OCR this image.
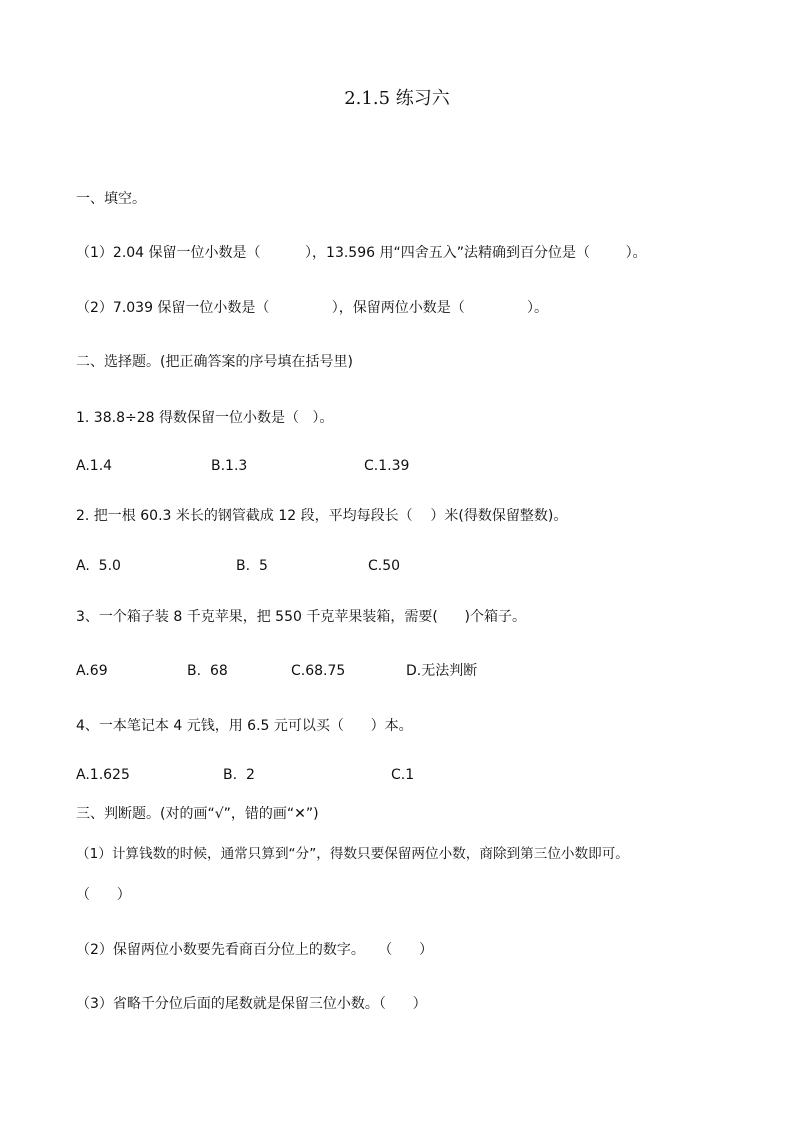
2.1.5 练习六
一、填空。
（1）2.04 保留一位小数是（          ），13.596 用“四舍五入”法精确到百分位是（        ）。
（2）7.039 保留一位小数是（              ），保留两位小数是（              ）。
二、选择题。(把正确答案的序号填在括号里)
1. 38.8÷28 得数保留一位小数是（   ）。
A.1.4	B.1.3	C.1.39
2. 把一根 60.3 米长的钢管截成 12 段，平均每段长（    ）米(得数保留整数)。
A.  5.0	B.  5	C.50
3、一个箱子装 8 千克苹果，把 550 千克苹果装箱，需要(      )个箱子。
A.69	B.  68	C.68.75	D.无法判断
4、一本笔记本 4 元钱，用 6.5 元可以买（      ）本。
A.1.625	B.  2	C.1
三、判断题。(对的画“√”，错的画“✕”)
（1）计算钱数的时候，通常只算到“分”，得数只要保留两位小数，商除到第三位小数即可。
（      ）
（2）保留两位小数要先看商百分位上的数字。   （      ）
（3）省略千分位后面的尾数就是保留三位小数。（      ）
